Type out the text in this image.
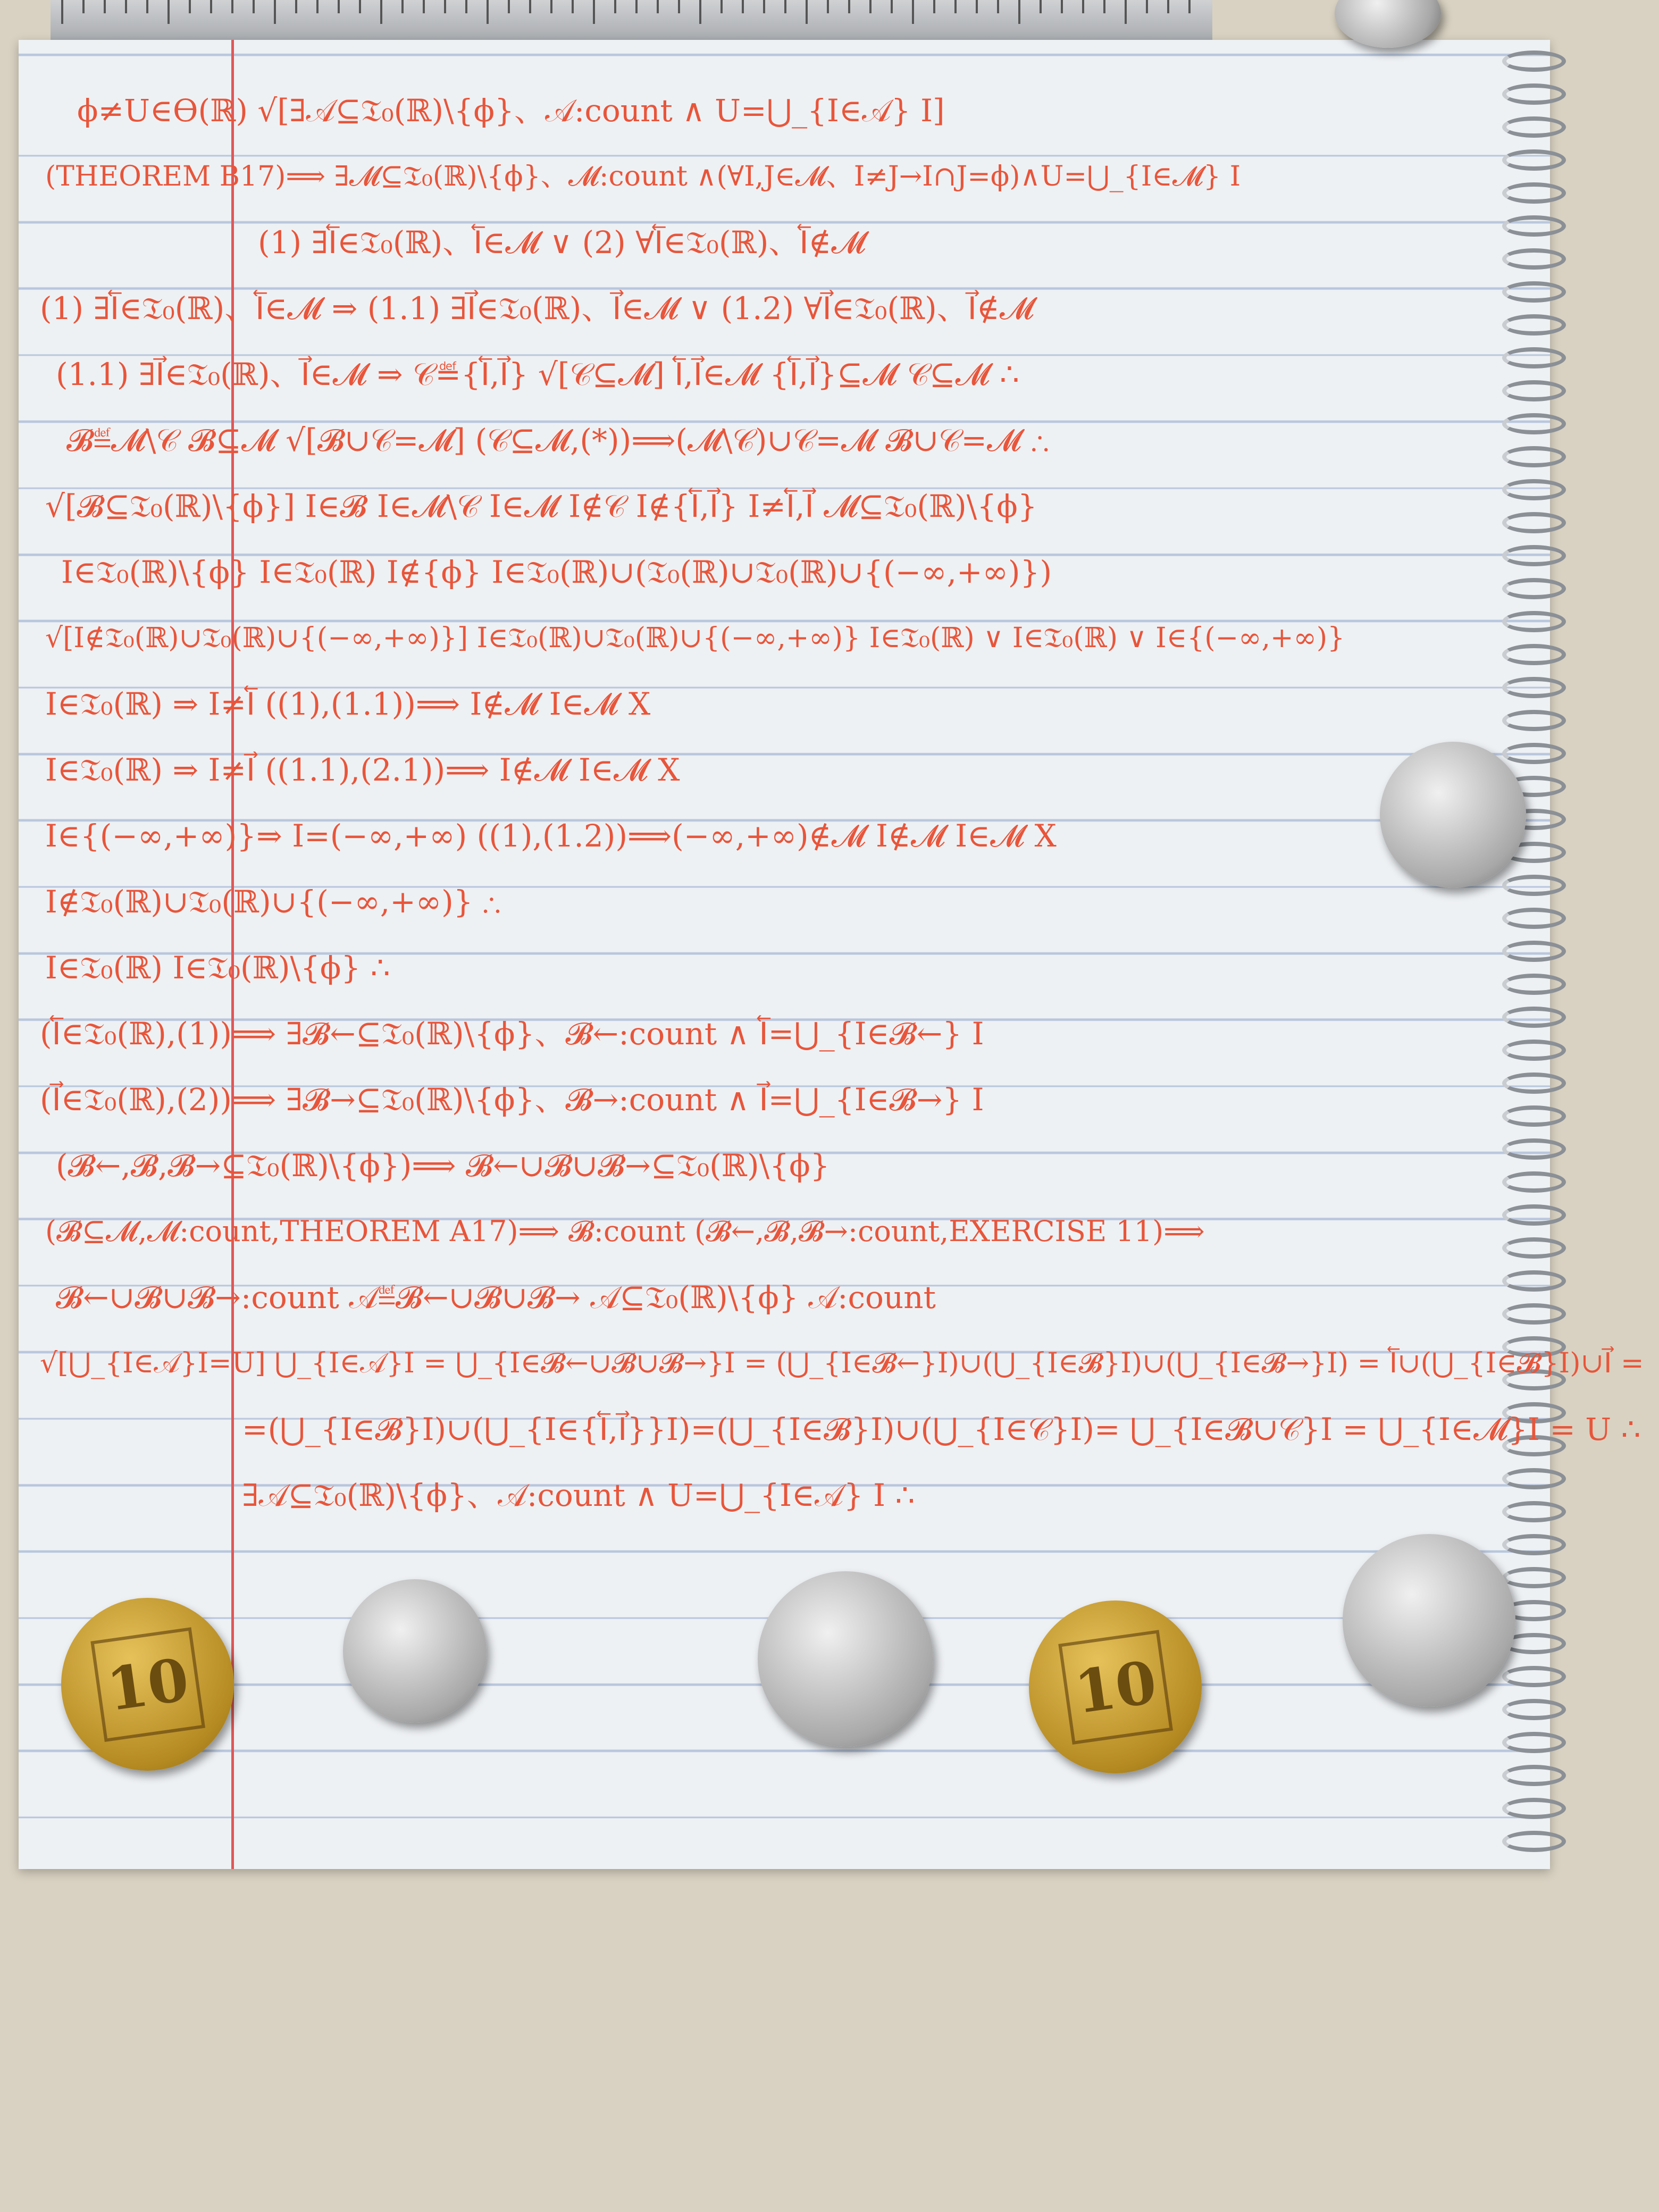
ϕ≠U∈ϴ(ℝ) √[∃𝒜⊆𝔗₀(ℝ)\{ϕ}、𝒜:count ∧ U=⋃_{I∈𝒜} I]
(THEOREM B17)⟹ ∃𝓜⊆𝔗₀(ℝ)\{ϕ}、𝓜:count ∧(∀I,J∈𝓜、I≠J→I∩J=ϕ)∧U=⋃_{I∈𝓜} I
(1) ∃I⃖∈𝔗₀(ℝ)、I⃖∈𝓜 ∨ (2) ∀I⃖∈𝔗₀(ℝ)、I⃖∉𝓜
(1) ∃I⃖∈𝔗₀(ℝ)、I⃖∈𝓜 ⇒ (1.1) ∃I⃗∈𝔗₀(ℝ)、I⃗∈𝓜 ∨ (1.2) ∀I⃗∈𝔗₀(ℝ)、I⃗∉𝓜
(1.1) ∃I⃗∈𝔗₀(ℝ)、I⃗∈𝓜 ⇒ 𝒞≝{I⃖,I⃗} √[𝒞⊆𝓜] I⃖,I⃗∈𝓜 {I⃖,I⃗}⊆𝓜 𝒞⊆𝓜 ∴
𝓑≝𝓜\𝒞 𝓑⊆𝓜 √[𝓑∪𝒞=𝓜] (𝒞⊆𝓜,(*))⟹(𝓜\𝒞)∪𝒞=𝓜 𝓑∪𝒞=𝓜 ∴
√[𝓑⊆𝔗₀(ℝ)\{ϕ}] I∈𝓑 I∈𝓜\𝒞 I∈𝓜 I∉𝒞 I∉{I⃖,I⃗} I≠I⃖,I⃗ 𝓜⊆𝔗₀(ℝ)\{ϕ}
I∈𝔗₀(ℝ)\{ϕ} I∈𝔗₀(ℝ) I∉{ϕ} I∈𝔗₀(ℝ)∪(𝔗₀(ℝ)∪𝔗₀(ℝ)∪{(−∞,+∞)})
√[I∉𝔗₀(ℝ)∪𝔗₀(ℝ)∪{(−∞,+∞)}] I∈𝔗₀(ℝ)∪𝔗₀(ℝ)∪{(−∞,+∞)} I∈𝔗₀(ℝ) ∨ I∈𝔗₀(ℝ) ∨ I∈{(−∞,+∞)}
I∈𝔗₀(ℝ) ⇒ I≠I⃖ ((1),(1.1))⟹ I∉𝓜 I∈𝓜 X
I∈𝔗₀(ℝ) ⇒ I≠I⃗ ((1.1),(2.1))⟹ I∉𝓜 I∈𝓜 X
I∈{(−∞,+∞)}⇒ I=(−∞,+∞) ((1),(1.2))⟹(−∞,+∞)∉𝓜 I∉𝓜 I∈𝓜 X
I∉𝔗₀(ℝ)∪𝔗₀(ℝ)∪{(−∞,+∞)} ∴
I∈𝔗₀(ℝ) I∈𝔗₀(ℝ)\{ϕ} ∴
(I⃖∈𝔗₀(ℝ),(1))⟹ ∃𝓑←⊆𝔗₀(ℝ)\{ϕ}、𝓑←:count ∧ I⃖=⋃_{I∈𝓑←} I
(I⃗∈𝔗₀(ℝ),(2))⟹ ∃𝓑→⊆𝔗₀(ℝ)\{ϕ}、𝓑→:count ∧ I⃗=⋃_{I∈𝓑→} I
(𝓑←,𝓑,𝓑→⊆𝔗₀(ℝ)\{ϕ})⟹ 𝓑←∪𝓑∪𝓑→⊆𝔗₀(ℝ)\{ϕ}
(𝓑⊆𝓜,𝓜:count,THEOREM A17)⟹ 𝓑:count (𝓑←,𝓑,𝓑→:count,EXERCISE 11)⟹
𝓑←∪𝓑∪𝓑→:count 𝒜≝𝓑←∪𝓑∪𝓑→ 𝒜⊆𝔗₀(ℝ)\{ϕ} 𝒜:count
√[⋃_{I∈𝒜}I=U] ⋃_{I∈𝒜}I = ⋃_{I∈𝓑←∪𝓑∪𝓑→}I = (⋃_{I∈𝓑←}I)∪(⋃_{I∈𝓑}I)∪(⋃_{I∈𝓑→}I) = I⃖∪(⋃_{I∈𝓑}I)∪I⃗ =
=(⋃_{I∈𝓑}I)∪(⋃_{I∈{I⃖,I⃗}}I)=(⋃_{I∈𝓑}I)∪(⋃_{I∈𝒞}I)= ⋃_{I∈𝓑∪𝒞}I = ⋃_{I∈𝓜}I = U ∴
∃𝒜⊆𝔗₀(ℝ)\{ϕ}、𝒜:count ∧ U=⋃_{I∈𝒜} I ∴
10	10
